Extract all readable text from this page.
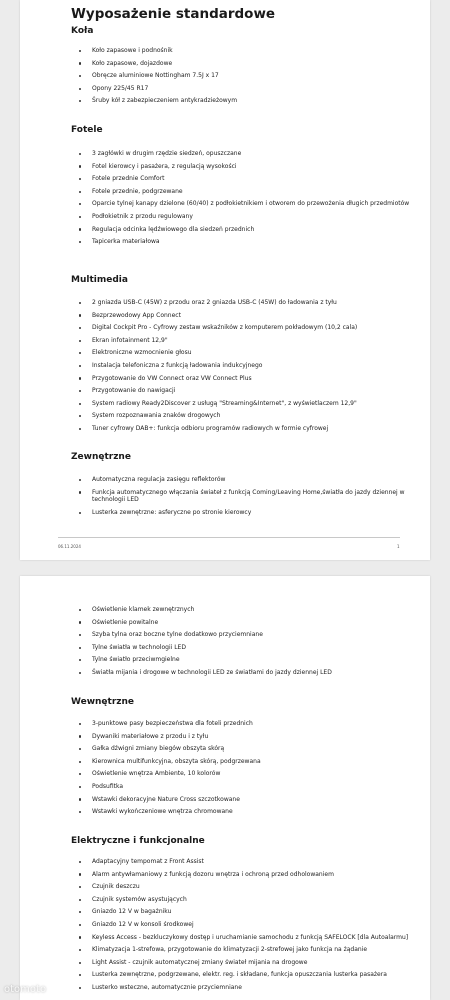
Wyposażenie standardowe
Koła
Koło zapasowe i podnośnik
Koło zapasowe, dojazdowe
Obręcze aluminiowe Nottingham 7.5J x 17
Opony 225/45 R17
Śruby kół z zabezpieczeniem antykradzieżowym
Fotele
3 zagłówki w drugim rzędzie siedzeń, opuszczane
Fotel kierowcy i pasażera, z regulacją wysokości
Fotele przednie Comfort
Fotele przednie, podgrzewane
Oparcie tylnej kanapy dzielone (60/40) z podłokietnikiem i otworem do przewożenia długich przedmiotów
Podłokietnik z przodu regulowany
Regulacja odcinka lędźwiowego dla siedzeń przednich
Tapicerka materiałowa
Multimedia
2 gniazda USB-C (45W) z przodu oraz 2 gniazda USB-C (45W) do ładowania z tyłu
Bezprzewodowy App Connect
Digital Cockpit Pro - Cyfrowy zestaw wskaźników z komputerem pokładowym (10,2 cala)
Ekran infotainment 12,9"
Elektroniczne wzmocnienie głosu
Instalacja telefoniczna z funkcją ładowania indukcyjnego
Przygotowanie do VW Connect oraz VW Connect Plus
Przygotowanie do nawigacji
System radiowy Ready2Discover z usługą "Streaming&Internet", z wyświetlaczem 12,9"
System rozpoznawania znaków drogowych
Tuner cyfrowy DAB+: funkcja odbioru programów radiowych w formie cyfrowej
Zewnętrzne
Automatyczna regulacja zasięgu reflektorów
Funkcja automatycznego włączania świateł z funkcją Coming/Leaving Home,światła do jazdy dziennej w technologii LED
Lusterka zewnętrzne: asferyczne po stronie kierowcy
06.11.2024	1
Oświetlenie klamek zewnętrznych
Oświetlenie powitalne
Szyba tylna oraz boczne tylne dodatkowo przyciemniane
Tylne światła w technologii LED
Tylne światło przeciwmgielne
Światła mijania i drogowe w technologii LED ze światłami do jazdy dziennej LED
Wewnętrzne
3-punktowe pasy bezpieczeństwa dla foteli przednich
Dywaniki materiałowe z przodu i z tyłu
Gałka dźwigni zmiany biegów obszyta skórą
Kierownica multifunkcyjna, obszyta skórą, podgrzewana
Oświetlenie wnętrza Ambiente, 10 kolorów
Podsufitka
Wstawki dekoracyjne Nature Cross szczotkowane
Wstawki wykończeniowe wnętrza chromowane
Elektryczne i funkcjonalne
Adaptacyjny tempomat z Front Assist
Alarm antywłamaniowy z funkcją dozoru wnętrza i ochroną przed odholowaniem
Czujnik deszczu
Czujnik systemów asystujących
Gniazdo 12 V w bagażniku
Gniazdo 12 V w konsoli środkowej
Keyless Access - bezkluczykowy dostęp i uruchamianie samochodu z funkcją SAFELOCK [dla Autoalarmu]
Klimatyzacja 1-strefowa, przygotowanie do klimatyzacji 2-strefowej jako funkcja na żądanie
Light Assist - czujnik automatycznej zmiany świateł mijania na drogowe
Lusterka zewnętrzne, podgrzewane, elektr. reg. i składane, funkcja opuszczania lusterka pasażera
Lusterko wsteczne, automatycznie przyciemniane
otomoto
